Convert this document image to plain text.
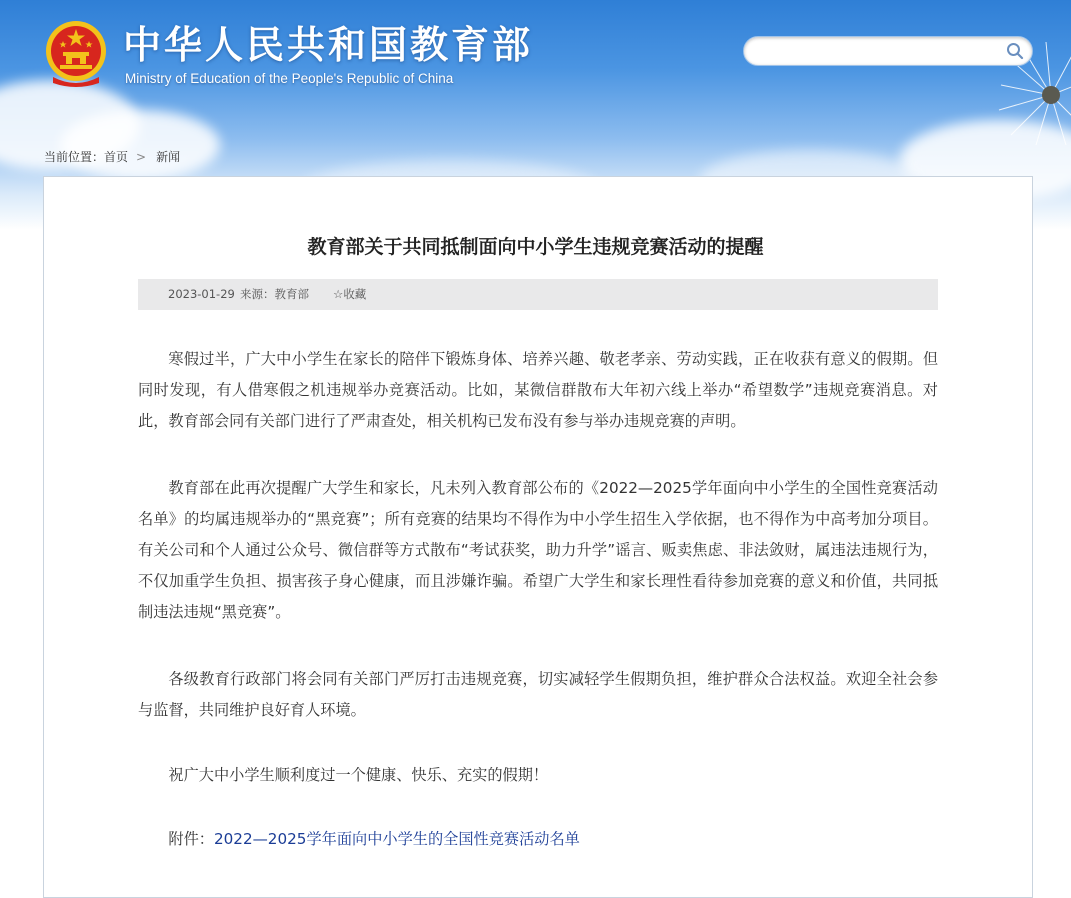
中华人民共和国教育部
Ministry of Education of the People's Republic of China
当前位置：首页 > 新闻
教育部关于共同抵制面向中小学生违规竞赛活动的提醒
2023-01-29 来源：教育部 ☆收藏

寒假过半，广大中小学生在家长的陪伴下锻炼身体、培养兴趣、敬老孝亲、劳动实践，正在收获有意义的假期。但同时发现，有人借寒假之机违规举办竞赛活动。比如，某微信群散布大年初六线上举办“希望数学”违规竞赛消息。对此，教育部会同有关部门进行了严肃查处，相关机构已发布没有参与举办违规竞赛的声明。

教育部在此再次提醒广大学生和家长，凡未列入教育部公布的《2022—2025学年面向中小学生的全国性竞赛活动名单》的均属违规举办的“黑竞赛”；所有竞赛的结果均不得作为中小学生招生入学依据，也不得作为中高考加分项目。有关公司和个人通过公众号、微信群等方式散布“考试获奖，助力升学”谣言、贩卖焦虑、非法敛财，属违法违规行为，不仅加重学生负担、损害孩子身心健康，而且涉嫌诈骗。希望广大学生和家长理性看待参加竞赛的意义和价值，共同抵制违法违规“黑竞赛”。

各级教育行政部门将会同有关部门严厉打击违规竞赛，切实减轻学生假期负担，维护群众合法权益。欢迎全社会参与监督，共同维护良好育人环境。

祝广大中小学生顺利度过一个健康、快乐、充实的假期！

附件：2022—2025学年面向中小学生的全国性竞赛活动名单
